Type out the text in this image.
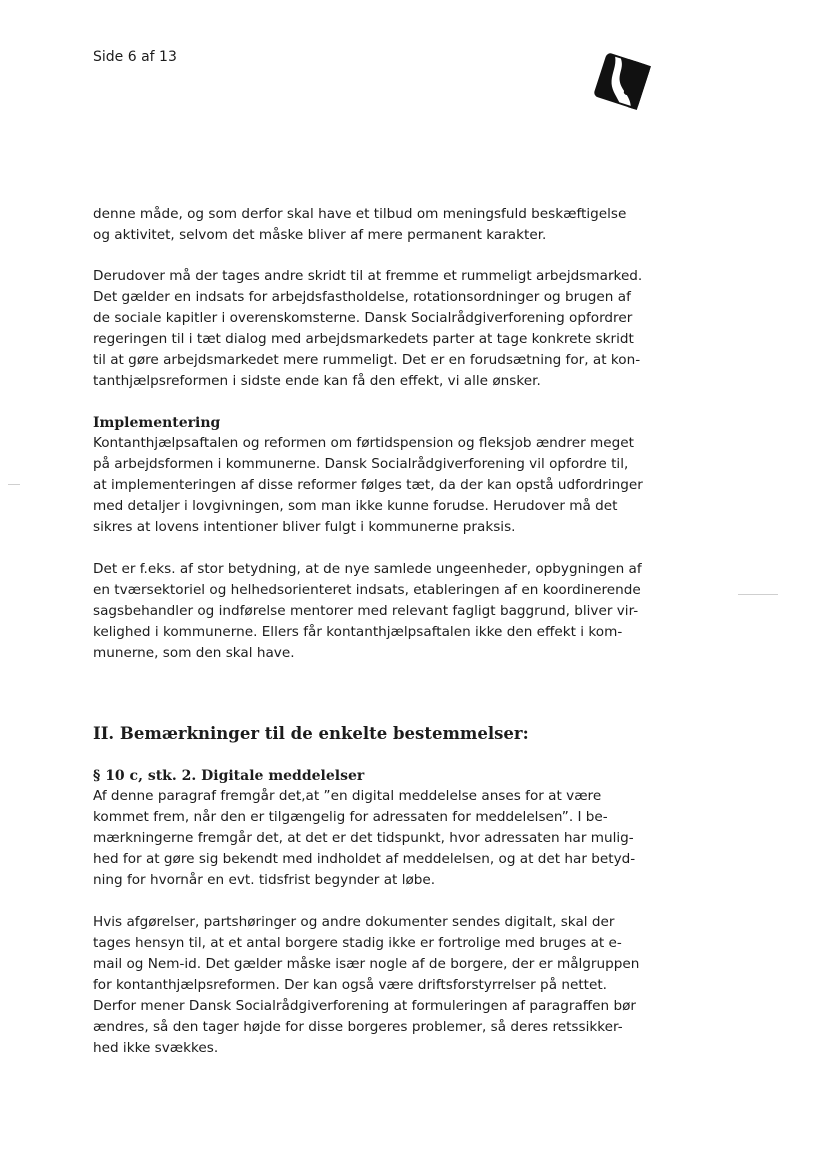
Side 6 af 13

denne måde, og som derfor skal have et tilbud om meningsfuld beskæftigelse
og aktivitet, selvom det måske bliver af mere permanent karakter.

Derudover må der tages andre skridt til at fremme et rummeligt arbejdsmarked.
Det gælder en indsats for arbejdsfastholdelse, rotationsordninger og brugen af
de sociale kapitler i overenskomsterne. Dansk Socialrådgiverforening opfordrer
regeringen til i tæt dialog med arbejdsmarkedets parter at tage konkrete skridt
til at gøre arbejdsmarkedet mere rummeligt. Det er en forudsætning for, at kon-
tanthjælpsreformen i sidste ende kan få den effekt, vi alle ønsker.

Implementering

Kontanthjælpsaftalen og reformen om førtidspension og fleksjob ændrer meget
på arbejdsformen i kommunerne. Dansk Socialrådgiverforening vil opfordre til,
at implementeringen af disse reformer følges tæt, da der kan opstå udfordringer
med detaljer i lovgivningen, som man ikke kunne forudse. Herudover må det
sikres at lovens intentioner bliver fulgt i kommunerne praksis.

Det er f.eks. af stor betydning, at de nye samlede ungeenheder, opbygningen af
en tværsektoriel og helhedsorienteret indsats, etableringen af en koordinerende
sagsbehandler og indførelse mentorer med relevant fagligt baggrund, bliver vir-
kelighed i kommunerne. Ellers får kontanthjælpsaftalen ikke den effekt i kom-
munerne, som den skal have.

II. Bemærkninger til de enkelte bestemmelser:
§ 10 c, stk. 2. Digitale meddelelser

Af denne paragraf fremgår det,at ”en digital meddelelse anses for at være
kommet frem, når den er tilgængelig for adressaten for meddelelsen”. I be-
mærkningerne fremgår det, at det er det tidspunkt, hvor adressaten har mulig-
hed for at gøre sig bekendt med indholdet af meddelelsen, og at det har betyd-
ning for hvornår en evt. tidsfrist begynder at løbe.

Hvis afgørelser, partshøringer og andre dokumenter sendes digitalt, skal der
tages hensyn til, at et antal borgere stadig ikke er fortrolige med bruges at e-
mail og Nem-id. Det gælder måske især nogle af de borgere, der er målgruppen
for kontanthjælpsreformen. Der kan også være driftsforstyrrelser på nettet.
Derfor mener Dansk Socialrådgiverforening at formuleringen af paragraffen bør
ændres, så den tager højde for disse borgeres problemer, så deres retssikker-
hed ikke svækkes.
